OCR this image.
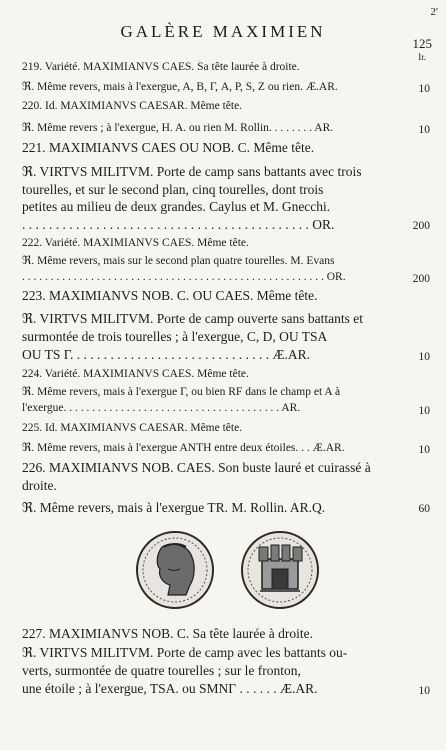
2'
GALÈRE MAXIMIEN
125
Ir.
219. Variété. MAXIMIANVS CAES. Sa tête laurée à droite.
ℜ. Même revers, mais à l'exergue, A, B, Γ, A, P, S, Z ou rien. Æ.AR.	10
220. Id. MAXIMIANVS CAESAR. Même tête.
ℜ. Même revers ; à l'exergue, H. A. ou rien M. Rollin. . . . . . . . AR.	10
221. MAXIMIANVS CAES OU NOB. C. Même tête.
ℜ. VIRTVS MILITVM. Porte de camp sans battants avec trois
tourelles, et sur le second plan, cinq tourelles, dont trois
petites au milieu de deux grandes. Caylus et M. Gnecchi.
. . . . . . . . . . . . . . . . . . . . . . . . . . . . . . . . . . . . . . . . . . . OR.	200
222. Variété. MAXIMIANVS CAES. Même tête.
ℜ. Même revers, mais sur le second plan quatre tourelles. M. Evans
. . . . . . . . . . . . . . . . . . . . . . . . . . . . . . . . . . . . . . . . . . . . . . . . . . . . . OR.	200
223. MAXIMIANVS NOB. C. OU CAES. Même tête.
ℜ. VIRTVS MILITVM. Porte de camp ouverte sans battants et
surmontée de trois tourelles ; à l'exergue, C, D, OU TSA
OU TS Г. . . . . . . . . . . . . . . . . . . . . . . . . . . . . . Æ.AR.	10
224. Variété. MAXIMIANVS CAES. Même tête.
ℜ. Même revers, mais à l'exergue Г, ou bien RF dans le champ et A à
l'exergue. . . . . . . . . . . . . . . . . . . . . . . . . . . . . . . . . . . . . . AR.	10
225. Id. MAXIMIANVS CAESAR. Même tête.
ℜ. Même revers, mais à l'exergue ANTH entre deux étoiles. . . Æ.AR.	10
226. MAXIMIANVS NOB. CAES. Son buste lauré et cuirassé à
droite.
ℜ. Même revers, mais à l'exergue TR. M. Rollin. AR.Q.	60
227. MAXIMIANVS NOB. C. Sa tête laurée à droite.
ℜ. VIRTVS MILITVM. Porte de camp avec les battants ou-
verts, surmontée de quatre tourelles ; sur le fronton,
une étoile ; à l'exergue, TSA. ou SMNГ . . . . . . Æ.AR.	10
